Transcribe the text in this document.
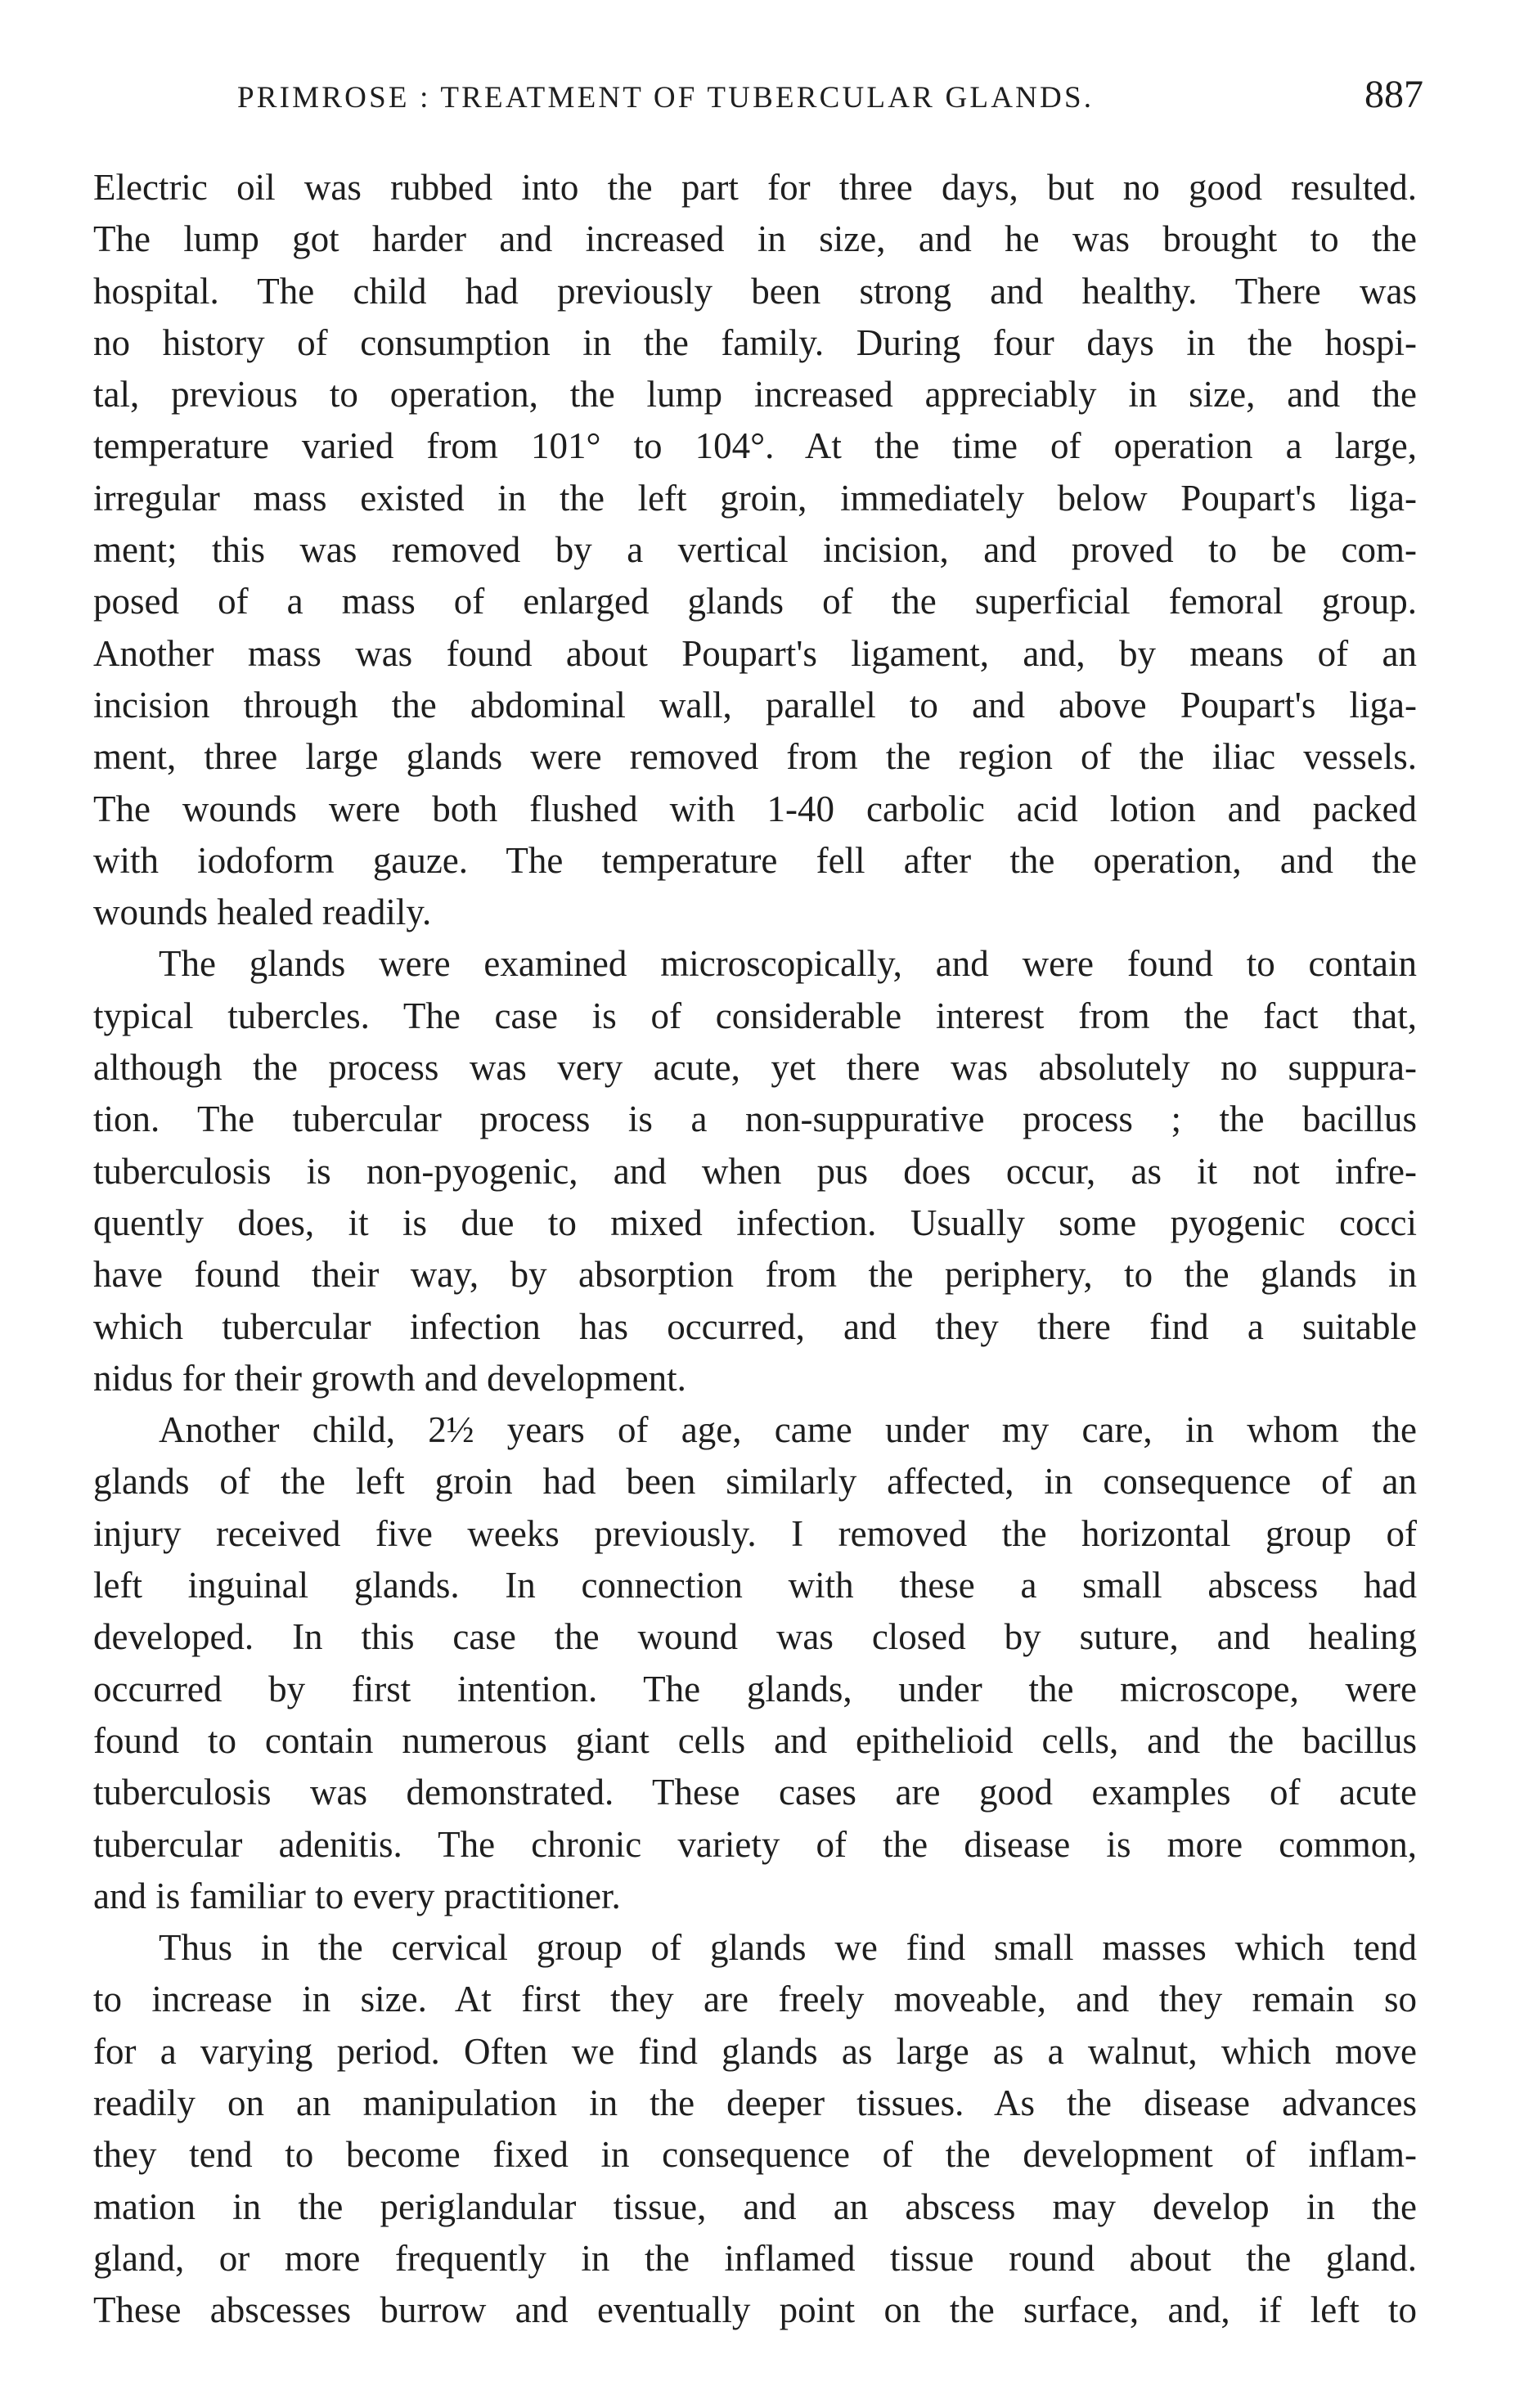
PRIMROSE : TREATMENT OF TUBERCULAR GLANDS.	887
Electric oil was rubbed into the part for three days, but no good resulted.
The lump got harder and increased in size, and he was brought to the
hospital. The child had previously been strong and healthy. There was
no history of consumption in the family. During four days in the hospi-
tal, previous to operation, the lump increased appreciably in size, and the
temperature varied from 101° to 104°. At the time of operation a large,
irregular mass existed in the left groin, immediately below Poupart's liga-
ment; this was removed by a vertical incision, and proved to be com-
posed of a mass of enlarged glands of the superficial femoral group.
Another mass was found about Poupart's ligament, and, by means of an
incision through the abdominal wall, parallel to and above Poupart's liga-
ment, three large glands were removed from the region of the iliac vessels.
The wounds were both flushed with 1-40 carbolic acid lotion and packed
with iodoform gauze. The temperature fell after the operation, and the
wounds healed readily.
The glands were examined microscopically, and were found to contain
typical tubercles. The case is of considerable interest from the fact that,
although the process was very acute, yet there was absolutely no suppura-
tion. The tubercular process is a non-suppurative process ; the bacillus
tuberculosis is non-pyogenic, and when pus does occur, as it not infre-
quently does, it is due to mixed infection. Usually some pyogenic cocci
have found their way, by absorption from the periphery, to the glands in
which tubercular infection has occurred, and they there find a suitable
nidus for their growth and development.
Another child, 2½ years of age, came under my care, in whom the
glands of the left groin had been similarly affected, in consequence of an
injury received five weeks previously. I removed the horizontal group of
left inguinal glands. In connection with these a small abscess had
developed. In this case the wound was closed by suture, and healing
occurred by first intention. The glands, under the microscope, were
found to contain numerous giant cells and epithelioid cells, and the bacillus
tuberculosis was demonstrated. These cases are good examples of acute
tubercular adenitis. The chronic variety of the disease is more common,
and is familiar to every practitioner.
Thus in the cervical group of glands we find small masses which tend
to increase in size. At first they are freely moveable, and they remain so
for a varying period. Often we find glands as large as a walnut, which move
readily on an manipulation in the deeper tissues. As the disease advances
they tend to become fixed in consequence of the development of inflam-
mation in the periglandular tissue, and an abscess may develop in the
gland, or more frequently in the inflamed tissue round about the gland.
These abscesses burrow and eventually point on the surface, and, if left to
